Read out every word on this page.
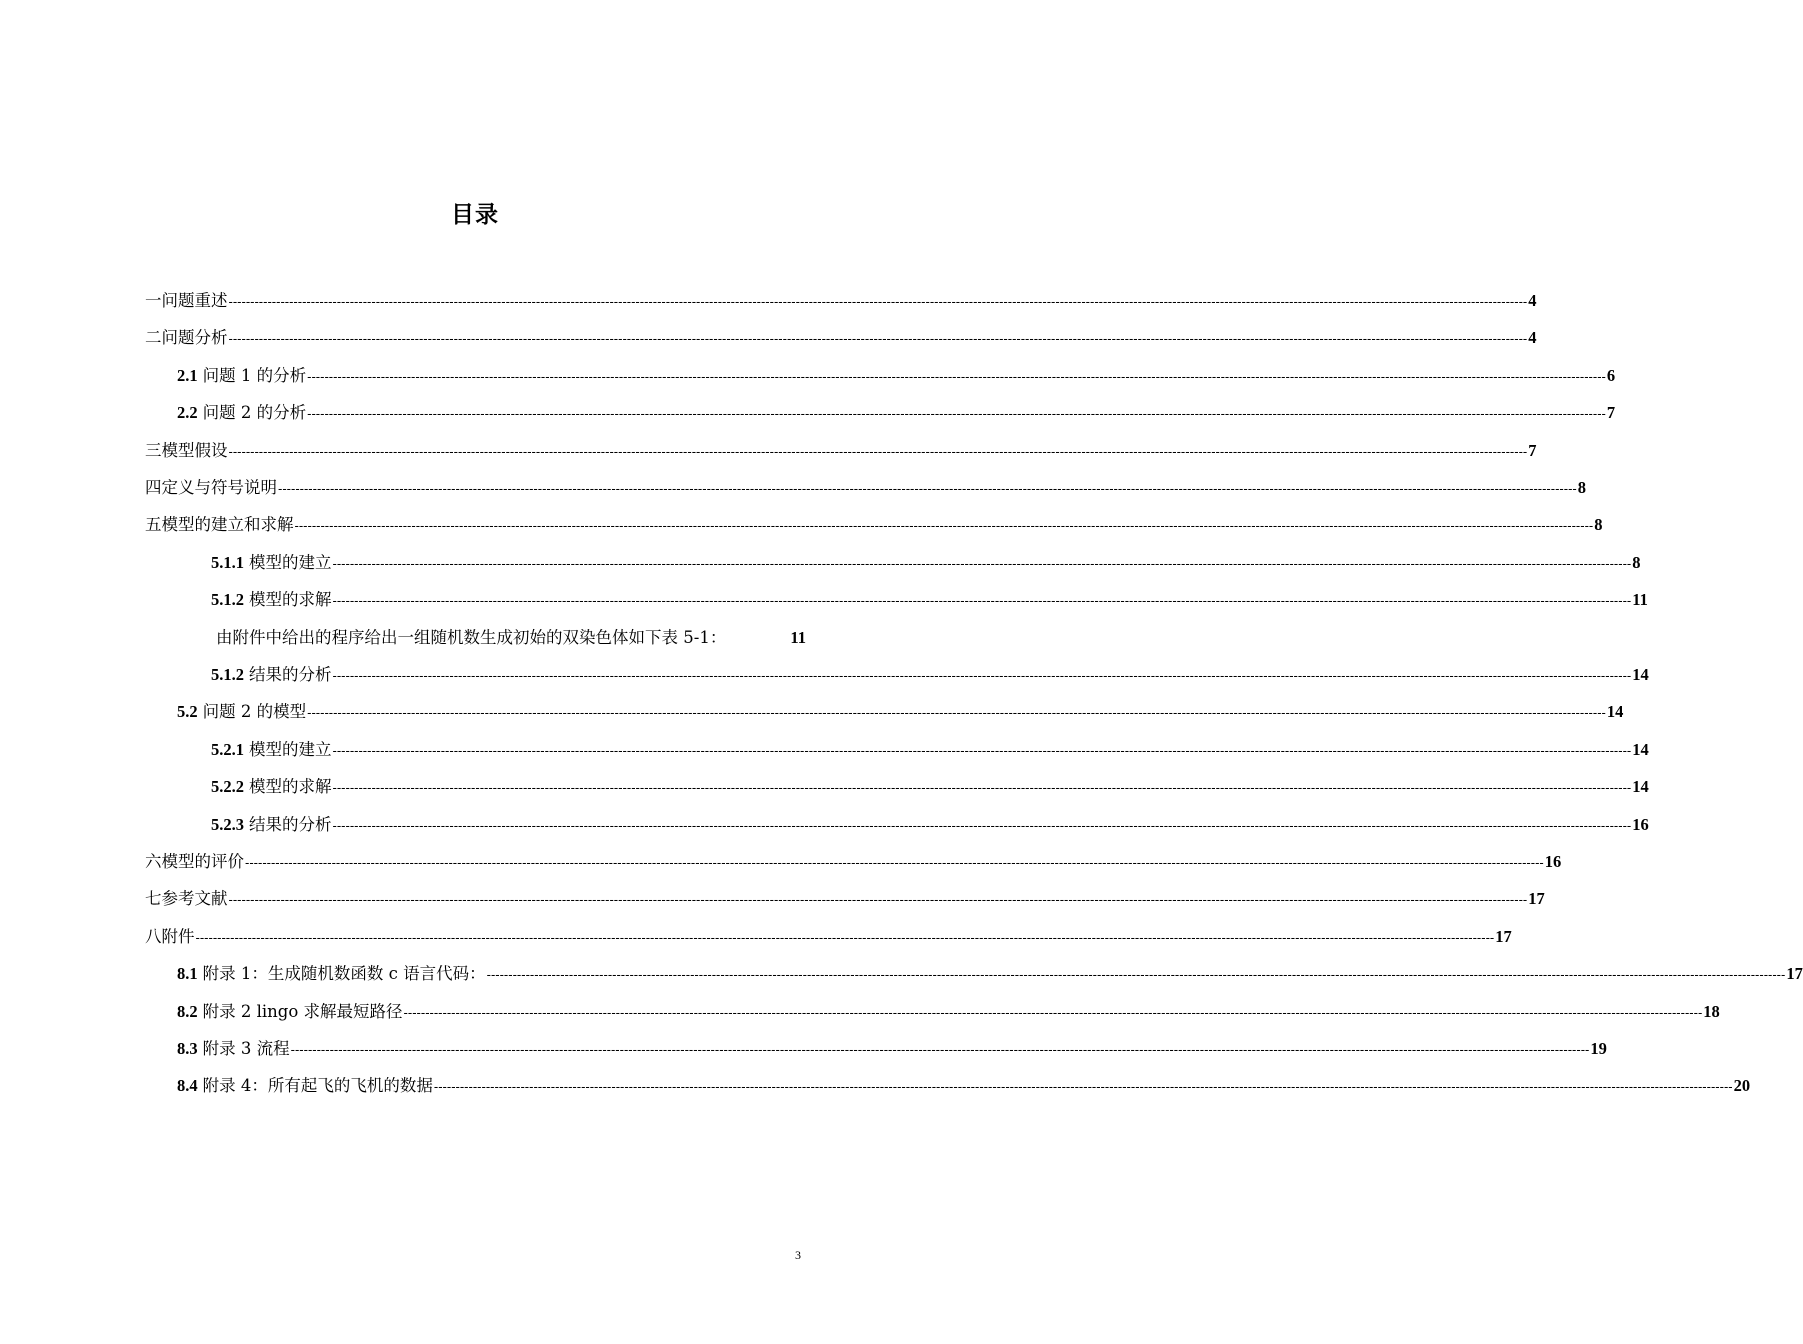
目录
一 问题重述 ------------------------------------------------------------------------------------------------------------------------------------------------------------------------------------------------------------------------------------------------------------------------------------------------------------ 4
二 问题分析 ------------------------------------------------------------------------------------------------------------------------------------------------------------------------------------------------------------------------------------------------------------------------------------------------------------ 4
2.1 问题 1 的分析 ------------------------------------------------------------------------------------------------------------------------------------------------------------------------------------------------------------------------------------------------------------------------------------------------------------ 6
2.2 问题 2 的分析 ------------------------------------------------------------------------------------------------------------------------------------------------------------------------------------------------------------------------------------------------------------------------------------------------------------ 7
三 模型假设 ------------------------------------------------------------------------------------------------------------------------------------------------------------------------------------------------------------------------------------------------------------------------------------------------------------ 7
四 定义与符号说明 ------------------------------------------------------------------------------------------------------------------------------------------------------------------------------------------------------------------------------------------------------------------------------------------------------------ 8
五 模型的建立和求解 ------------------------------------------------------------------------------------------------------------------------------------------------------------------------------------------------------------------------------------------------------------------------------------------------------------ 8
5.1.1 模型的建立 ------------------------------------------------------------------------------------------------------------------------------------------------------------------------------------------------------------------------------------------------------------------------------------------------------------ 8
5.1.2 模型的求解 ------------------------------------------------------------------------------------------------------------------------------------------------------------------------------------------------------------------------------------------------------------------------------------------------------------ 11
由附件中给出的程序给出一组随机数生成初始的双染色体如下表 5-1：	11
5.1.2 结果的分析 ------------------------------------------------------------------------------------------------------------------------------------------------------------------------------------------------------------------------------------------------------------------------------------------------------------ 14
5.2 问题 2 的模型 ------------------------------------------------------------------------------------------------------------------------------------------------------------------------------------------------------------------------------------------------------------------------------------------------------------ 14
5.2.1 模型的建立 ------------------------------------------------------------------------------------------------------------------------------------------------------------------------------------------------------------------------------------------------------------------------------------------------------------ 14
5.2.2 模型的求解 ------------------------------------------------------------------------------------------------------------------------------------------------------------------------------------------------------------------------------------------------------------------------------------------------------------ 14
5.2.3 结果的分析 ------------------------------------------------------------------------------------------------------------------------------------------------------------------------------------------------------------------------------------------------------------------------------------------------------------ 16
六 模型的评价 ------------------------------------------------------------------------------------------------------------------------------------------------------------------------------------------------------------------------------------------------------------------------------------------------------------ 16
七 参考文献 ------------------------------------------------------------------------------------------------------------------------------------------------------------------------------------------------------------------------------------------------------------------------------------------------------------ 17
八 附件 ------------------------------------------------------------------------------------------------------------------------------------------------------------------------------------------------------------------------------------------------------------------------------------------------------------ 17
8.1 附录 1：生成随机数函数 c 语言代码： ------------------------------------------------------------------------------------------------------------------------------------------------------------------------------------------------------------------------------------------------------------------------------------------------------------ 17
8.2 附录 2 lingo 求解最短路径 ------------------------------------------------------------------------------------------------------------------------------------------------------------------------------------------------------------------------------------------------------------------------------------------------------------ 18
8.3 附录 3 流程 ------------------------------------------------------------------------------------------------------------------------------------------------------------------------------------------------------------------------------------------------------------------------------------------------------------ 19
8.4 附录 4：所有起飞的飞机的数据 ------------------------------------------------------------------------------------------------------------------------------------------------------------------------------------------------------------------------------------------------------------------------------------------------------------ 20
3
